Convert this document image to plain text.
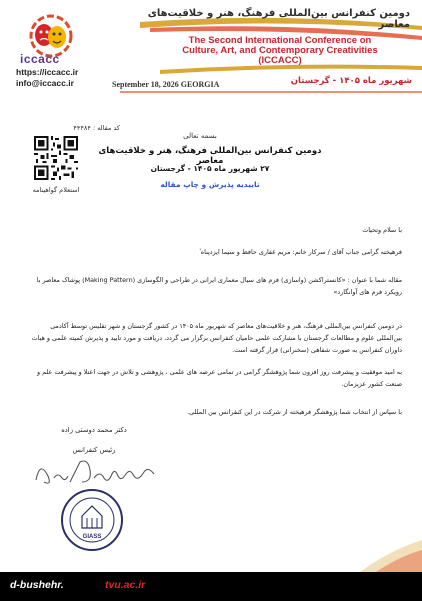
iccacc
https://iccacc.ir
info@iccacc.ir
دومین کنفرانس بین‌المللی فرهنگ، هنر و خلاقیت‌های معاصر
The Second International Conference on
Culture, Art, and Contemporary Creativities
(ICCACC)
September 18, 2026 GEORGIA	شهریور ماه ۱۴۰۵ - گرجستان
کد مقاله : ۴۴۴۸۴
استعلام گواهینامه
بسمه تعالی
دومین کنفرانس بین‌المللی فرهنگ، هنر و خلاقیت‌های معاصر
۲۷ شهریور ماه ۱۴۰۵ - گرجستان
تاییدیه پذیرش و چاپ مقاله
با سلام وتحیات
فرهیخته گرامی جناب آقای / سرکار خانم: مریم غفاری حافظ و سیما ایزدپناه ٔ
مقاله شما با عنوان : «کانستراکشن (واسازی) فرم های سیال معماری ایرانی در طراحی و الگوسازی (Making Pattern) پوشاک معاصر با رویکرد فرم های آوانگارد»
در دومین کنفرانس بین‌المللی فرهنگ، هنر و خلاقیت‌های معاصر که شهریور ماه ۱۴۰۵ در کشور گرجستان و شهر تفلیس توسط آکادمی بین‌المللی علوم و مطالعات گرجستان با مشارکت علمی حامیان کنفرانس برگزار می گردد، دریافت و مورد تایید و پذیرش کمیته علمی و هیات داوران کنفرانس به صورت شفاهی (سخنرانی) قرار گرفته است.
به امید موفقیت و پیشرفت روز افزون شما پژوهشگر گرامی در تمامی عرصه های علمی ، پژوهشی و تلاش در جهت اعتلا و پیشرفت علم و صنعت کشور عزیزمان.
با سپاس از انتخاب شما پژوهشگر فرهیخته از شرکت در این کنفرانس بین المللی.
دکتر محمد دوستی زاده
رئیس کنفرانس
GIASS
d-bushehr.	tvu.ac.ir
